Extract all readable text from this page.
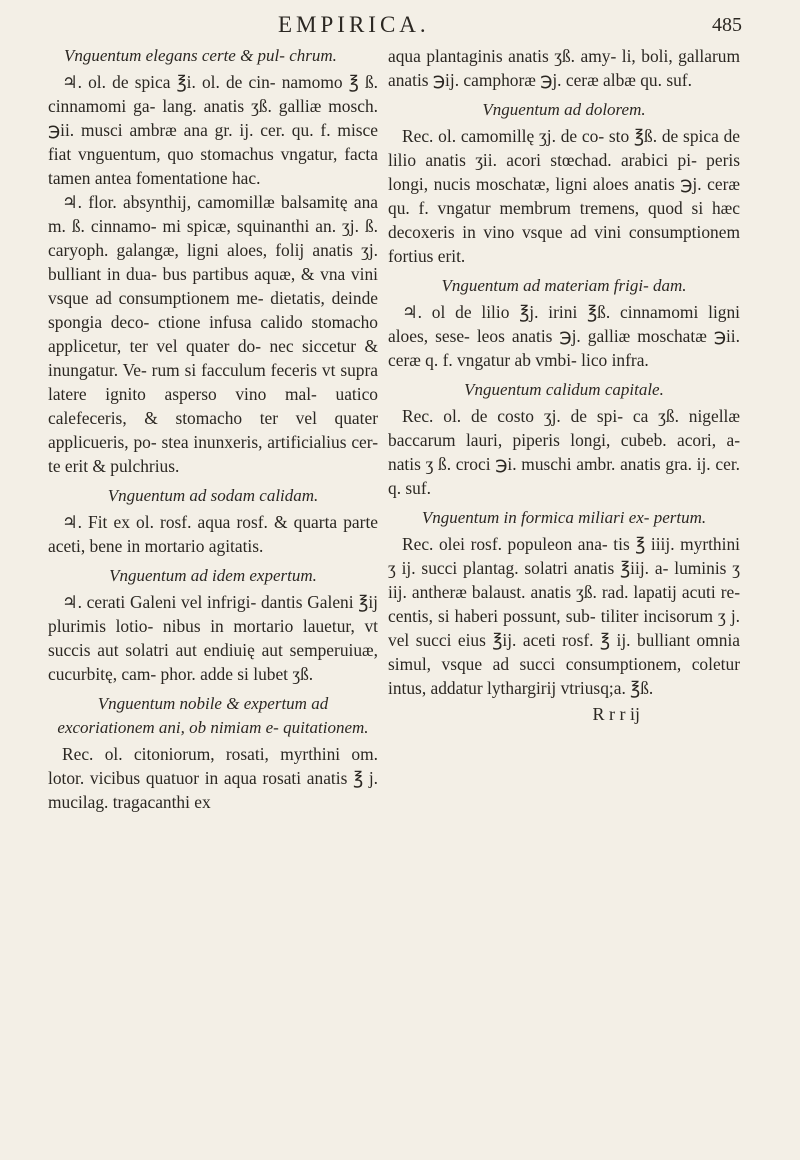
EMPIRICA.	485
Vnguentum elegans certe & pul- chrum.

♃. ol. de spica ℥i. ol. de cin- namomo ℥ ß. cinnamomi ga- lang. anatis ʒß. galliæ mosch. ℈ii. musci ambræ ana gr. ij. cer. qu. f. misce fiat vnguentum, quo stomachus vngatur, facta tamen antea fomentatione hac.

♃. flor. absynthij, camomillæ balsamitę ana m. ß. cinnamo- mi spicæ, squinanthi an. ʒj. ß. caryoph. galangæ, ligni aloes, folij anatis ʒj. bulliant in dua- bus partibus aquæ, & vna vini vsque ad consumptionem me- dietatis, deinde spongia deco- ctione infusa calido stomacho applicetur, ter vel quater do- nec siccetur & inungatur. Ve- rum si facculum feceris vt supra latere ignito asperso vino mal- uatico calefeceris, & stomacho ter vel quater applicueris, po- stea inunxeris, artificialius cer- te erit & pulchrius.

Vnguentum ad sodam calidam.

♃. Fit ex ol. rosf. aqua rosf. & quarta parte aceti, bene in mortario agitatis.

Vnguentum ad idem expertum.

♃. cerati Galeni vel infrigi- dantis Galeni ℥ij plurimis lotio- nibus in mortario lauetur, vt succis aut solatri aut endiuię aut semperuiuæ, cucurbitę, cam- phor. adde si lubet ʒß.

Vnguentum nobile & expertum ad excoriationem ani, ob nimiam e- quitationem.

Rec. ol. citoniorum, rosati, myrthini om. lotor. vicibus quatuor in aqua rosati anatis ℥ j. mucilag. tragacanthi ex

aqua plantaginis anatis ʒß. amy- li, boli, gallarum anatis ℈ij. camphoræ ℈j. ceræ albæ qu. suf.

Vnguentum ad dolorem.

Rec. ol. camomillę ʒj. de co- sto ℥ß. de spica de lilio anatis ʒii. acori stœchad. arabici pi- peris longi, nucis moschatæ, ligni aloes anatis ℈j. ceræ qu. f. vngatur membrum tremens, quod si hæc decoxeris in vino vsque ad vini consumptionem fortius erit.

Vnguentum ad materiam frigi- dam.

♃. ol de lilio ℥j. irini ℥ß. cinnamomi ligni aloes, sese- leos anatis ℈j. galliæ moschatæ ℈ii. ceræ q. f. vngatur ab vmbi- lico infra.

Vnguentum calidum capitale.

Rec. ol. de costo ʒj. de spi- ca ʒß. nigellæ baccarum lauri, piperis longi, cubeb. acori, a- natis ʒ ß. croci ℈i. muschi ambr. anatis gra. ij. cer. q. suf.

Vnguentum in formica miliari ex- pertum.

Rec. olei rosf. populeon ana- tis ℥ iiij. myrthini ʒ ij. succi plantag. solatri anatis ℥iij. a- luminis ʒ iij. antheræ balaust. anatis ʒß. rad. lapatij acuti re- centis, si haberi possunt, sub- tiliter incisorum ʒ j. vel succi eius ℥ij. aceti rosf. ℥ ij. bulliant omnia simul, vsque ad succi consumptionem, coletur intus, addatur lythargirij vtriusq;a. ℥ß.

R r r ij
